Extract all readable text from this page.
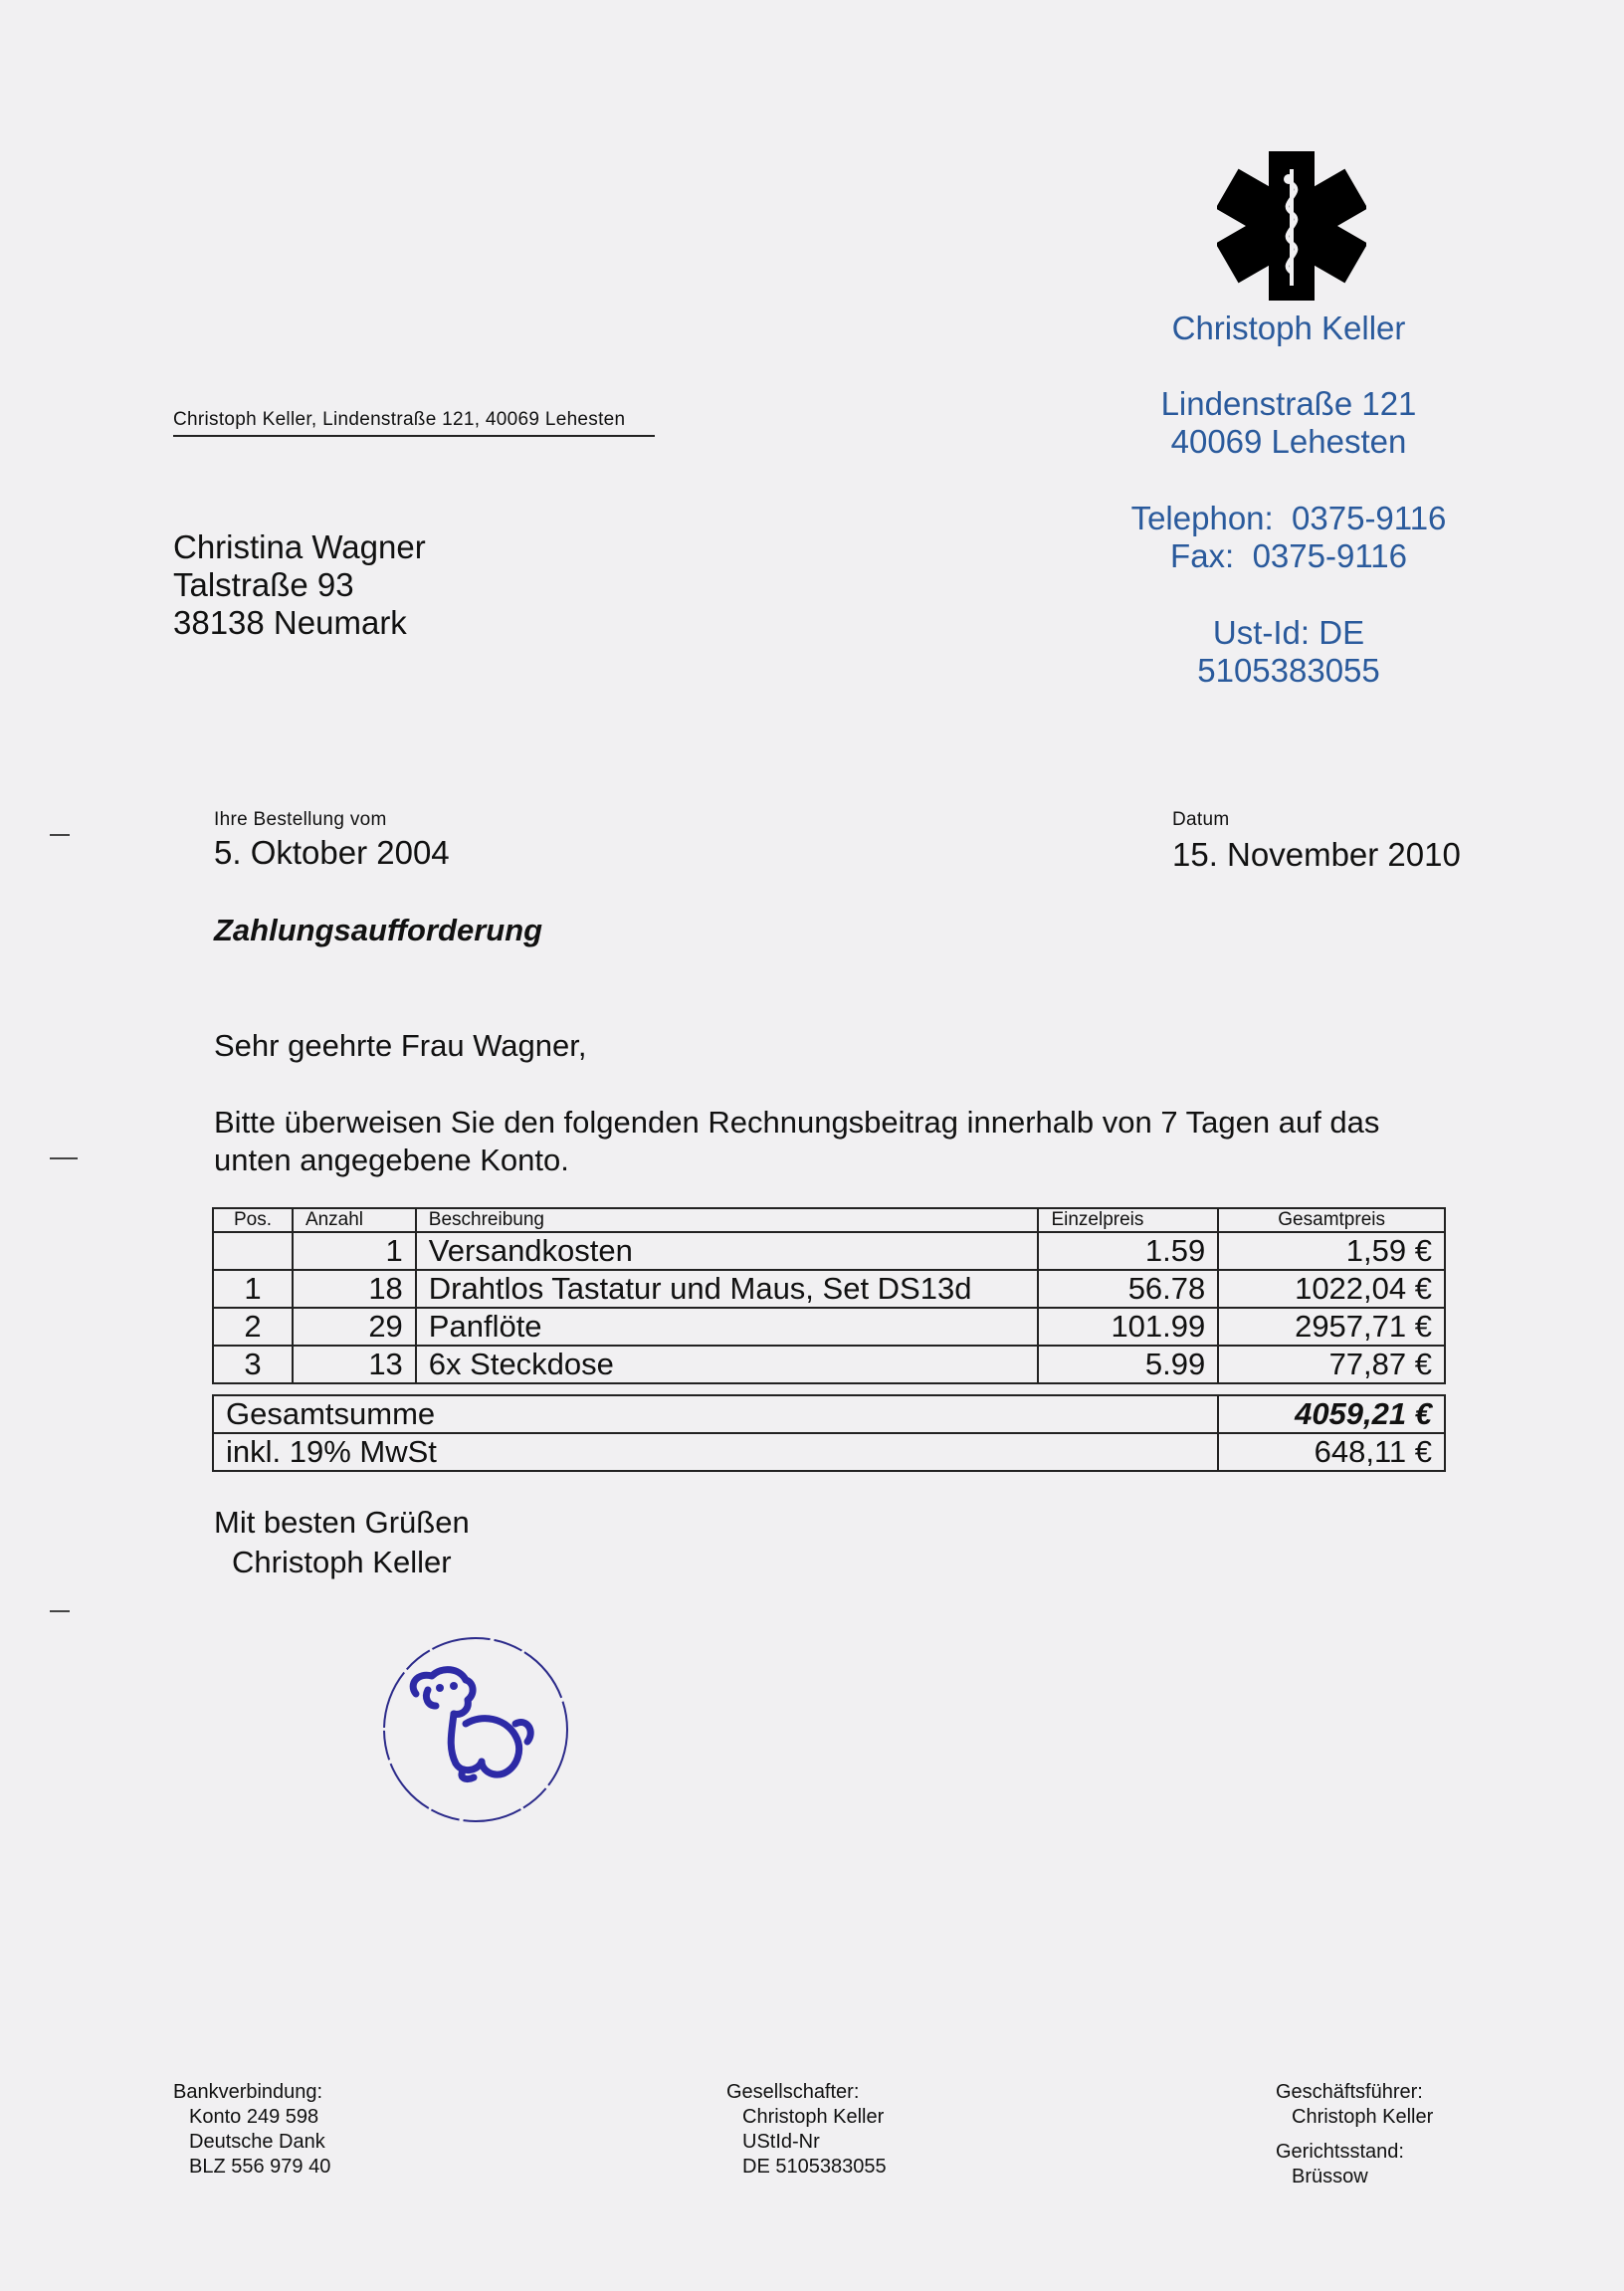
Christoph Keller
Lindenstraße 121
40069 Lehesten
Telephon:  0375-9116
Fax:  0375-9116
Ust-Id: DE
5105383055
Christoph Keller, Lindenstraße 121, 40069 Lehesten
Christina Wagner
Talstraße 93
38138 Neumark
Ihre Bestellung vom
5. Oktober 2004
Datum
15. November 2010
Zahlungsaufforderung
Sehr geehrte Frau Wagner,
Bitte überweisen Sie den folgenden Rechnungsbeitrag innerhalb von 7 Tagen auf das
unten angegebene Konto.
Pos.	Anzahl	Beschreibung	Einzelpreis	Gesamtpreis
	1	Versandkosten	1.59	1,59 €
1	18	Drahtlos Tastatur und Maus, Set DS13d	56.78	1022,04 €
2	29	Panflöte	101.99	2957,71 €
3	13	6x Steckdose	5.99	77,87 €
Gesamtsumme	4059,21 €
inkl. 19% MwSt	648,11 €
Mit besten Grüßen
Christoph Keller
Bankverbindung:
Konto 249 598
Deutsche Dank
BLZ 556 979 40
Gesellschafter:
Christoph Keller
UStId-Nr
DE 5105383055
Geschäftsführer:
Christoph Keller
Gerichtsstand:
Brüssow
